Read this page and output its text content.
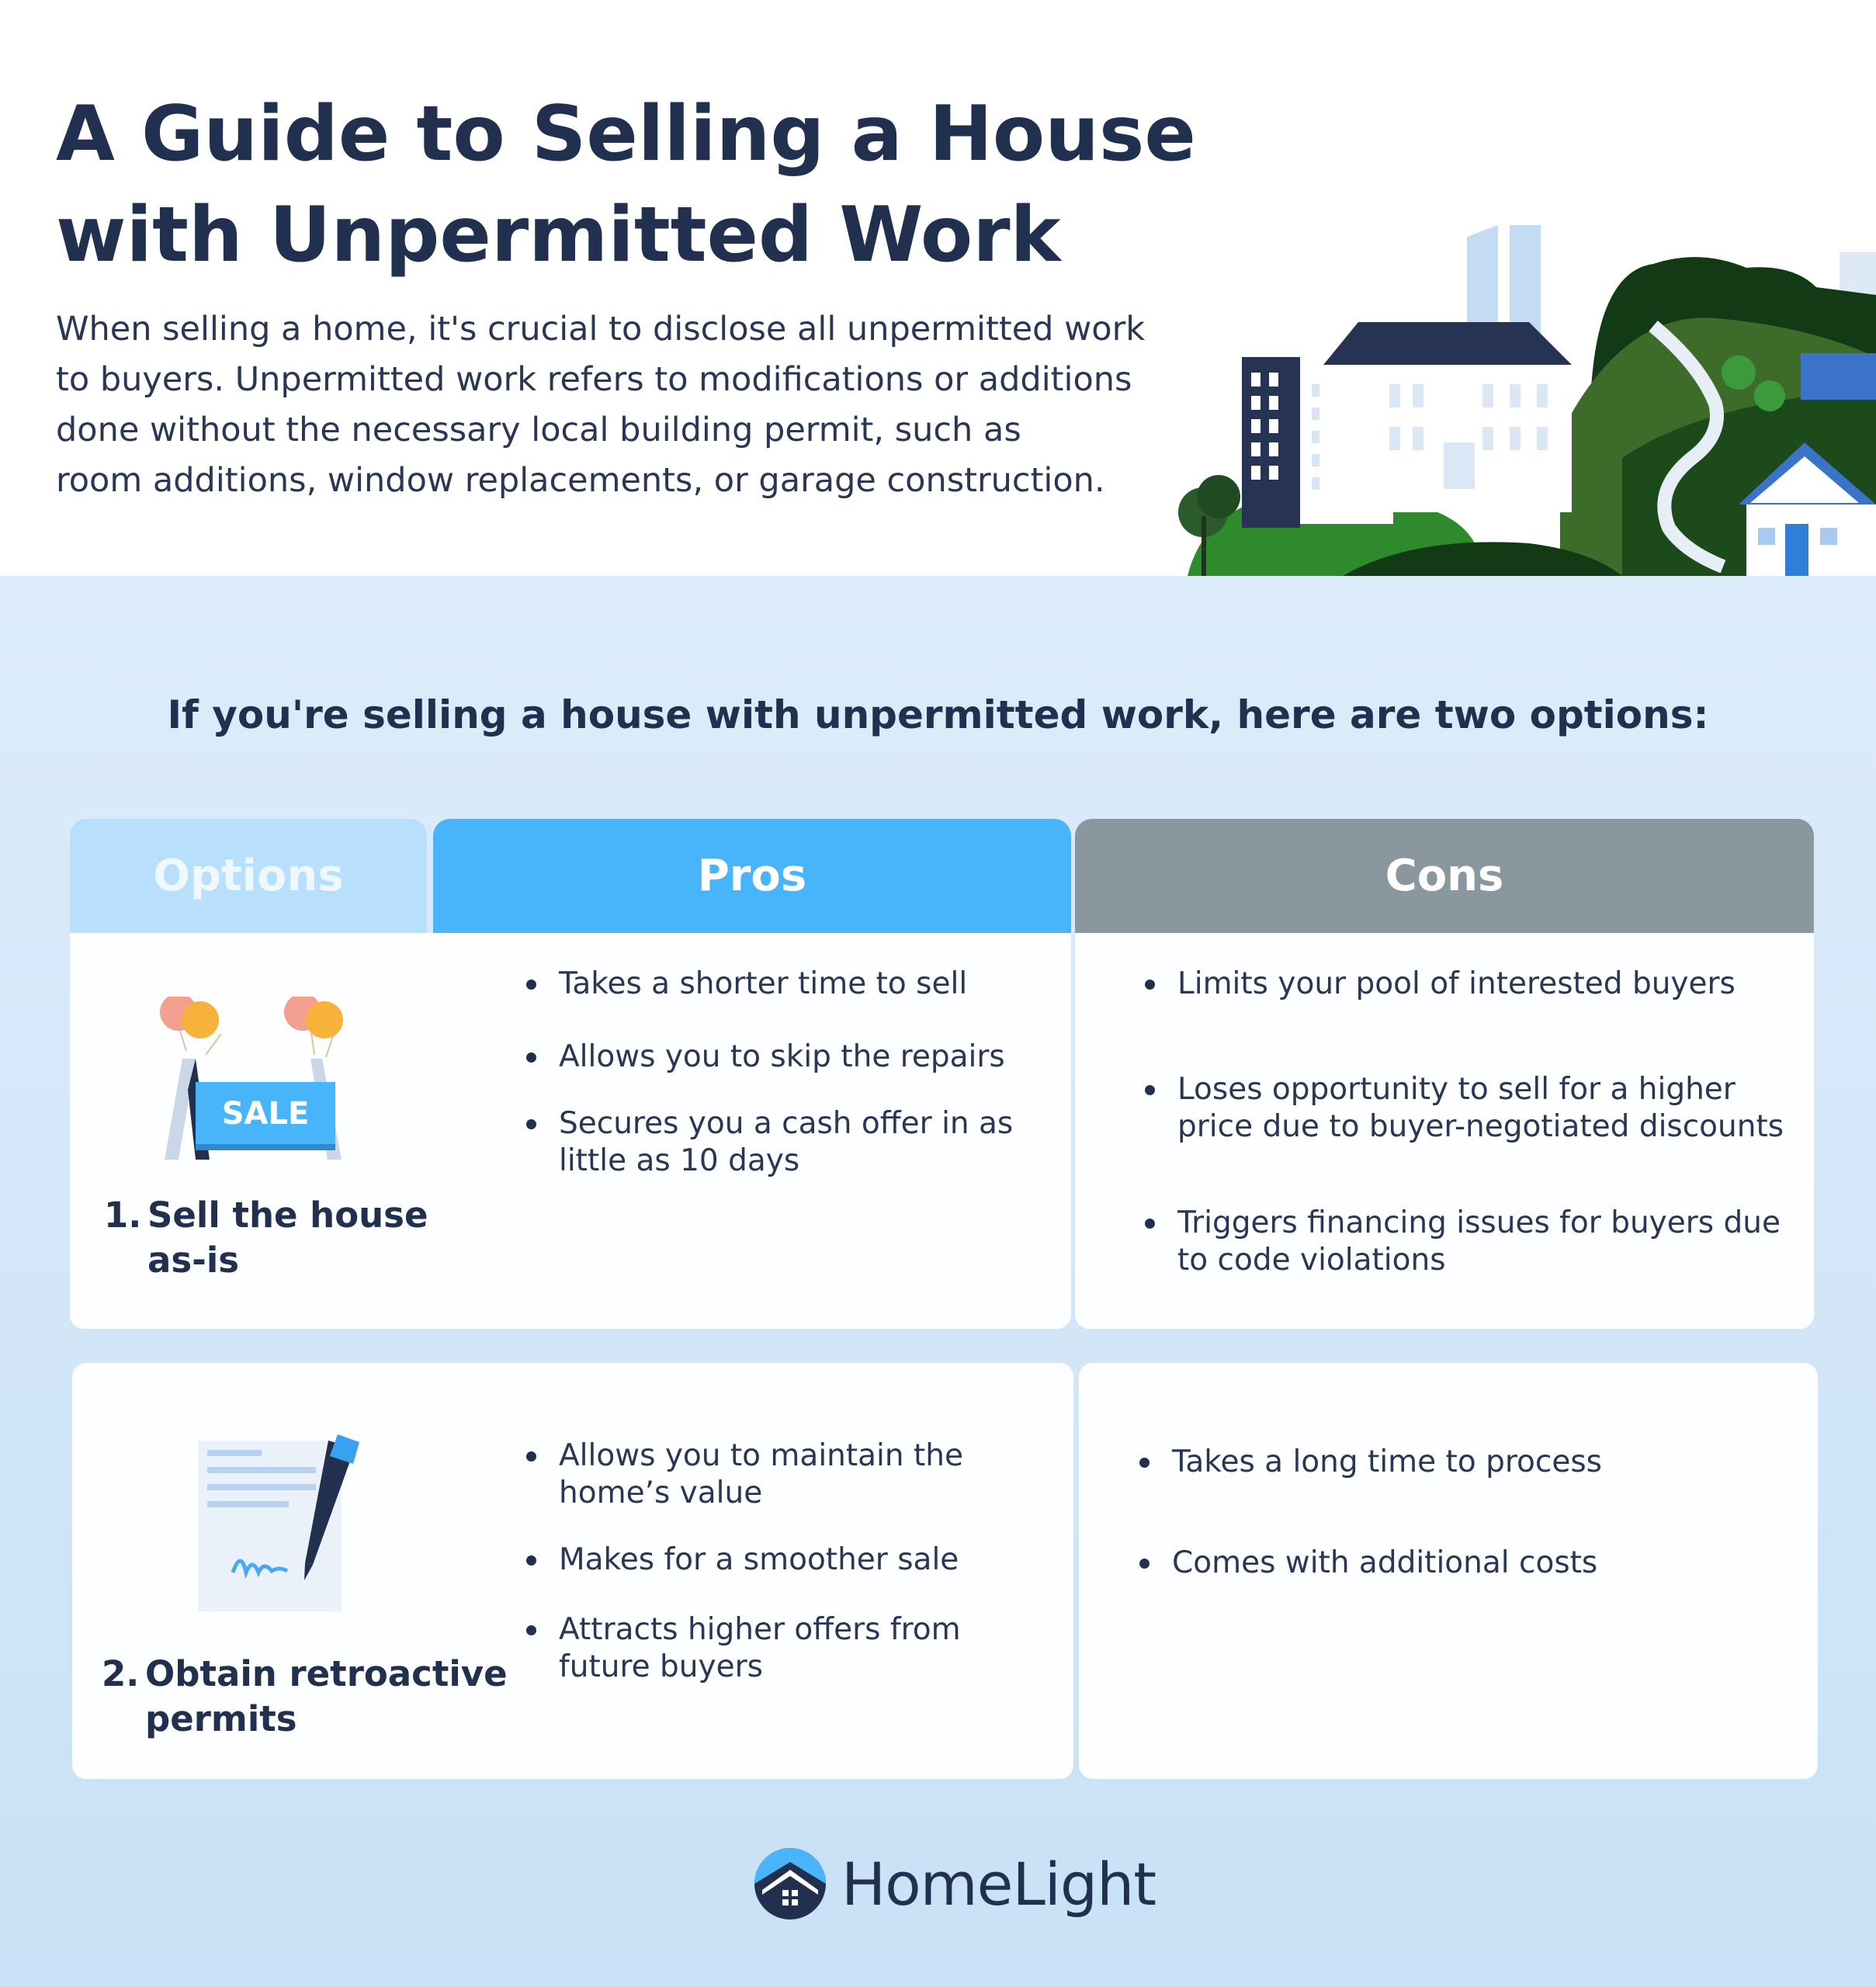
A Guide to Selling a House
with Unpermitted Work

When selling a home, it's crucial to disclose all unpermitted work
to buyers. Unpermitted work refers to modifications or additions
done without the necessary local building permit, such as
room additions, window replacements, or garage construction.

If you're selling a house with unpermitted work, here are two options:
Options	Pros	Cons
SALE
1. Sell the house
as-is
Takes a shorter time to sell
Allows you to skip the repairs
Secures you a cash offer in as
little as 10 days
Limits your pool of interested buyers
Loses opportunity to sell for a higher
price due to buyer-negotiated discounts
Triggers financing issues for buyers due
to code violations
2. Obtain retroactive
permits
Allows you to maintain the
home’s value
Makes for a smoother sale
Attracts higher offers from
future buyers
Takes a long time to process
Comes with additional costs
HomeLight
